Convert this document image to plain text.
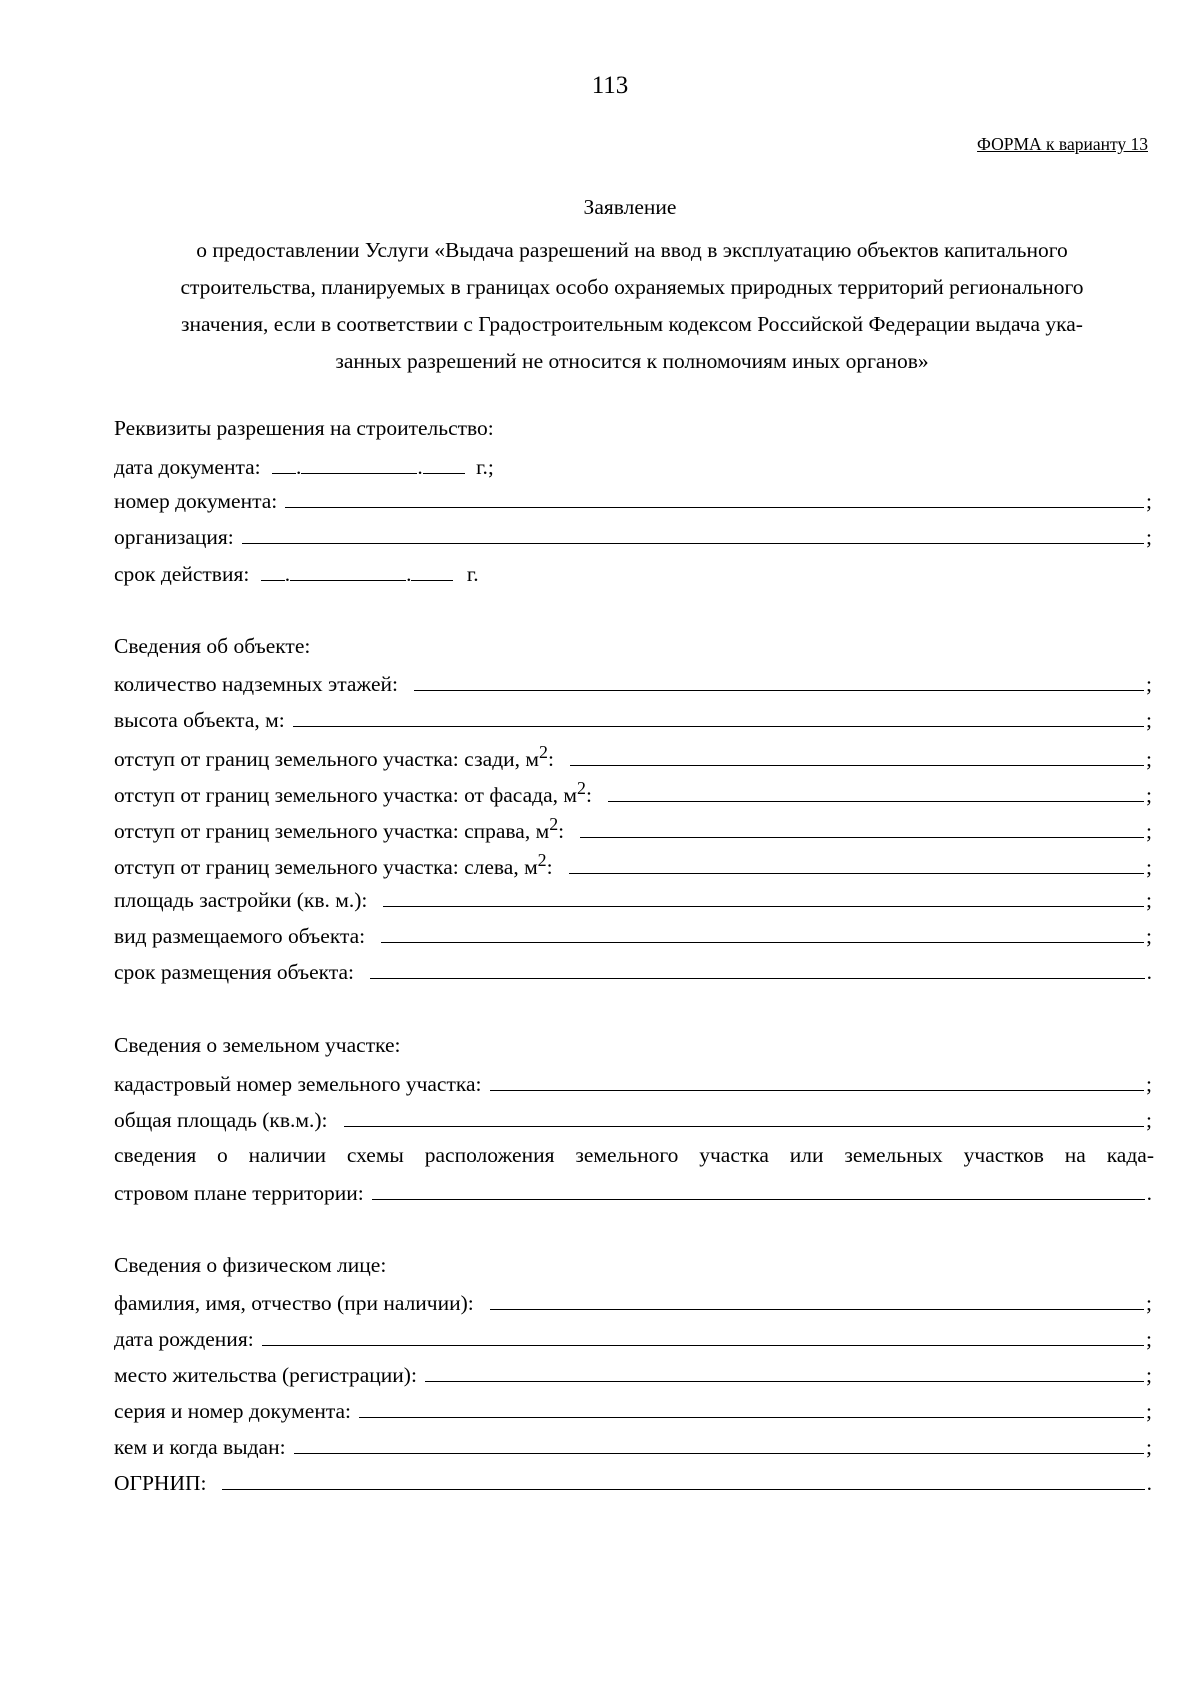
113
ФОРМА к варианту 13
Заявление
о предоставлении Услуги «Выдача разрешений на ввод в эксплуатацию объектов капитального
строительства, планируемых в границах особо охраняемых природных территорий регионального
значения, если в соответствии с Градостроительным кодексом Российской Федерации выдача ука-
занных разрешений не относится к полномочиям иных органов»
Реквизиты разрешения на строительство:
дата документа: .	. г.;
номер документа:	;
организация:	;
срок действия: .	.	г.
Сведения об объекте:
количество надземных этажей:	;
высота объекта, м:	;
отступ от границ земельного участка: сзади, $м^2$:	;
отступ от границ земельного участка: от фасада, $м^2$:	;
отступ от границ земельного участка: справа, $м^2$:	;
отступ от границ земельного участка: слева, $м^2$:	;
площадь застройки (кв. м.):	;
вид размещаемого объекта:	;
срок размещения объекта:	.
Сведения о земельном участке:
кадастровый номер земельного участка:	;
общая площадь (кв.м.):	;
сведения о наличии схемы расположения земельного участка или земельных участков на када-
стровом плане территории:	.
Сведения о физическом лице:
фамилия, имя, отчество (при наличии):	;
дата рождения:	;
место жительства (регистрации):	;
серия и номер документа:	;
кем и когда выдан:	;
ОГРНИП:	.
